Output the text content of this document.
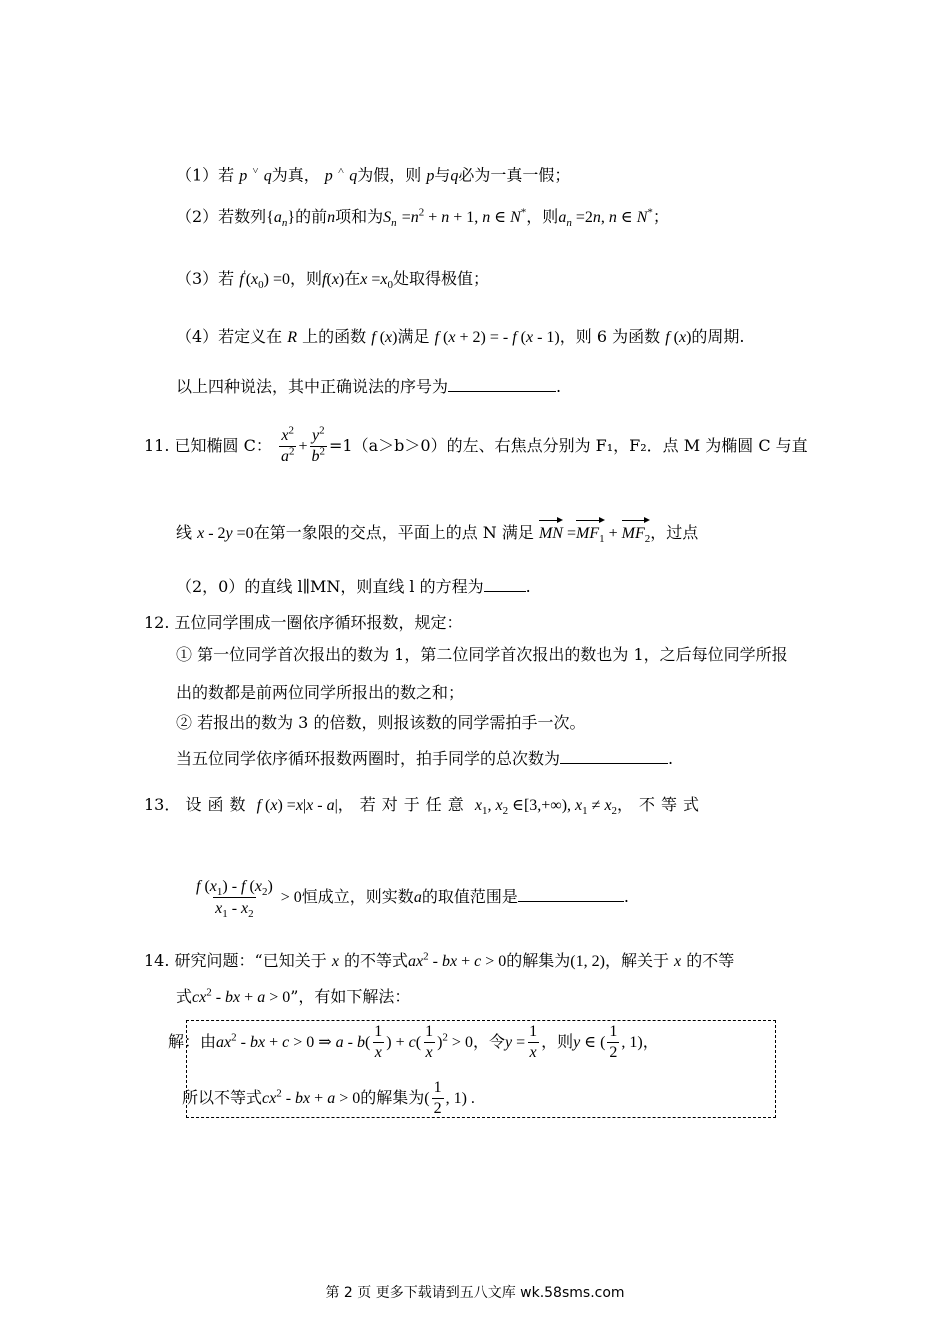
（1）若 p ˅ q为真， p ˄ q为假，则 p与q必为一真一假；
（2）若数列$\{a_n\}$的前n项和为$S_n =n^2 + n + 1$, n ∈ N*，则$a_n =2n$, n ∈ N*；
（3）若 $f'(x_0) =0$，则f(x)在$x =x_0$处取得极值；
（4）若定义在 R 上的函数 f (x)满足 f (x + 2) = - f (x - 1)，则 6 为函数 f (x)的周期.
以上四种说法，其中正确说法的序号为	.
11. 已知椭圆 C： $\frac{x^2}{a^2} + \frac{y^2}{b^2} =1(a>b>0)$的左、右焦点分别为 F₁，F₂．点 M 为椭圆 C 与直
线 x - 2y =0在第一象限的交点，平面上的点 N 满足 MN $=MF_1 + MF_2$，过点
（2，0）的直线 l∥MN，则直线 l 的方程为	.
12. 五位同学围成一圈依序循环报数，规定：
① 第一位同学首次报出的数为 1，第二位同学首次报出的数也为 1，之后每位同学所报
出的数都是前两位同学所报出的数之和；
② 若报出的数为 3 的倍数，则报该数的同学需拍手一次。
当五位同学依序循环报数两圈时，拍手同学的总次数为	.
13． 设函数 f (x) =x|x - a|，若对于任意 $x_1$, $x_2$ ∈[3,+∞), $x_1 \ne x_2$，不等式
$\frac{f (x_1) - f (x_2)}{x_1 - x_2} > 0$恒成立，则实数a的取值范围是	.
14. 研究问题：“已知关于 x 的不等式$ax^2$ - bx + c > 0的解集为(1, 2)，解关于 x 的不等
式$cx^2$ - bx + a > 0”，有如下解法：
解：由$ax^2$ - bx + c > 0 ⇒ a - $b( \frac{1}{x}$ ) + $c( \frac{1}{x} )^2 > 0$，令$y = \frac{1}{x}$ ，则y ∈ ( $\frac{1}{2}$ , 1)，
所以不等式$cx^2$ - bx + a > 0的解集为( $\frac{1}{2}$ , 1) .
第 2 页 更多下载请到五八文库 wk.58sms.com
